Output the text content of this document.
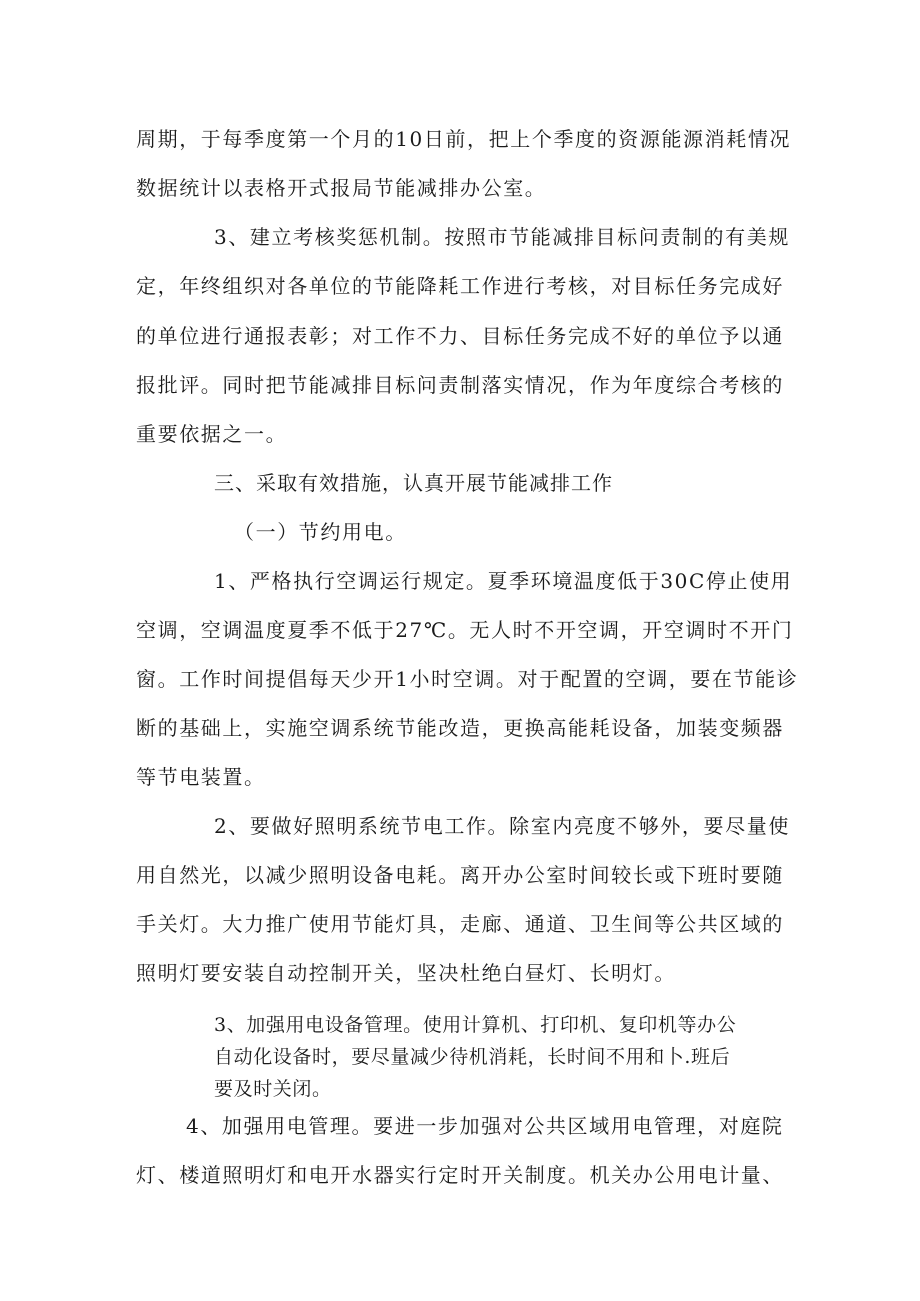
周期，于每季度第一个月的10日前，把上个季度的资源能源消耗情况
数据统计以表格开式报局节能减排办公室。
3、建立考核奖惩机制。按照市节能减排目标问责制的有美规
定，年终组织对各单位的节能降耗工作进行考核，对目标任务完成好
的单位进行通报表彰；对工作不力、目标任务完成不好的单位予以通
报批评。同时把节能减排目标问责制落实情况，作为年度综合考核的
重要依据之一。
三、采取有效措施，认真开展节能减排工作
（一）节约用电。
1、严格执行空调运行规定。夏季环境温度低于30C停止使用
空调，空调温度夏季不低于27℃。无人时不开空调，开空调时不开门
窗。工作时间提倡每天少开1小时空调。对于配置的空调，要在节能诊
断的基础上，实施空调系统节能改造，更换高能耗设备，加装变频器
等节电装置。
2、要做好照明系统节电工作。除室内亮度不够外，要尽量使
用自然光，以减少照明设备电耗。离开办公室时间较长或下班时要随
手关灯。大力推广使用节能灯具，走廊、通道、卫生间等公共区域的
照明灯要安装自动控制开关，坚决杜绝白昼灯、长明灯。
3、加强用电设备管理。使用计算机、打印机、复印机等办公
自动化设备时，要尽量减少待机消耗，长时间不用和卜.班后
要及时关闭。
4、加强用电管理。要进一步加强对公共区域用电管理，对庭院
灯、楼道照明灯和电开水器实行定时开关制度。机关办公用电计量、
